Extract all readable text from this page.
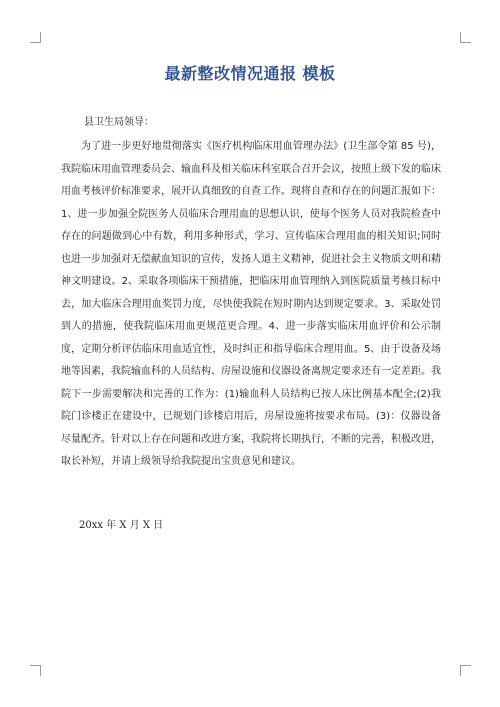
最新整改情况通报 模板
县卫生局领导：

为了进一步更好地贯彻落实《医疗机构临床用血管理办法》(卫生部令第 85 号)，我院临床用血管理委员会、输血科及相关临床科室联合召开会议，按照上级下发的临床用血考核评价标准要求，展开认真细致的自查工作。现将自查和存在的问题汇报如下：1、进一步加强全院医务人员临床合理用血的思想认识，使每个医务人员对我院检查中存在的问题做到心中有数，利用多种形式，学习、宣传临床合理用血的相关知识;同时也进一步加强对无偿献血知识的宣传，发扬人道主义精神，促进社会主义物质文明和精神文明建设。2、采取各项临床干预措施，把临床用血管理纳入到医院质量考核目标中去，加大临床合理用血奖罚力度，尽快使我院在短时期内达到规定要求。3、采取处罚到人的措施，使我院临床用血更规范更合理。4、进一步落实临床用血评价和公示制度，定期分析评估临床用血适宜性，及时纠正和指导临床合理用血。5、由于设备及场地等因素，我院输血科的人员结构、房屋设施和仪器设备离规定要求还有一定差距。我院下一步需要解决和完善的工作为：(1)输血科人员结构已按人床比例基本配全;(2)我院门诊楼正在建设中，已规划门诊楼启用后，房屋设施将按要求布局。(3)：仪器设备尽量配齐。针对以上存在问题和改进方案，我院将长期执行，不断的完善，积极改进，取长补短，并请上级领导给我院提出宝贵意见和建议。

20xx 年 X 月 X 日
